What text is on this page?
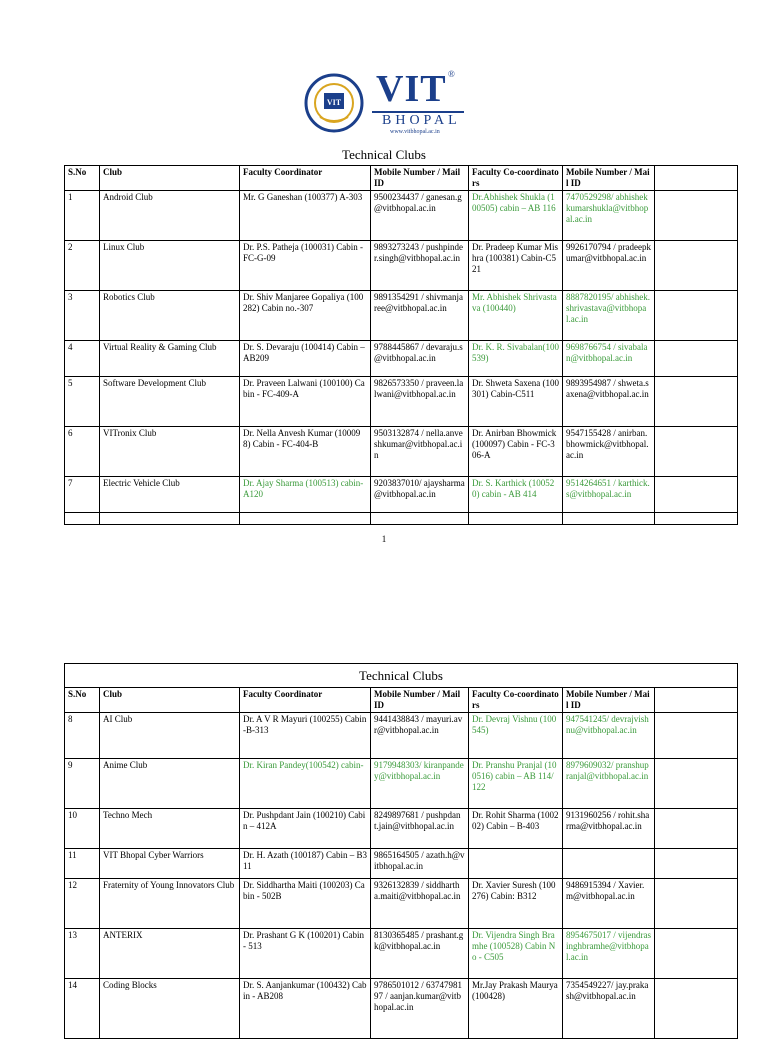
VIT VIT ®
BHOPAL
www.vitbhopal.ac.in
Technical Clubs
S.No	Club	Faculty Coordinator	Mobile Number / Mail ID	Faculty Co-coordinators	Mobile Number / Mail ID	
1	Android Club	Mr. G Ganeshan (100377) A-303	9500234437 / ganesan.g@vitbhopal.ac.in	Dr.Abhishek Shukla (100505) cabin – AB 116	7470529298/ abhishekkumarshukla@vitbhopal.ac.in	
2	Linux Club	Dr. P.S. Patheja (100031) Cabin - FC-G-09	9893273243 / pushpinder.singh@vitbhopal.ac.in	Dr. Pradeep Kumar Mishra (100381) Cabin-C521	9926170794 / pradeepkumar@vitbhopal.ac.in	
3	Robotics Club	Dr. Shiv Manjaree Gopaliya (100282) Cabin no.-307	9891354291 / shivmanjaree@vitbhopal.ac.in	Mr. Abhishek Shrivastava (100440)	8887820195/ abhishek.shrivastava@vitbhopal.ac.in	
4	Virtual Reality & Gaming Club	Dr. S. Devaraju (100414) Cabin – AB209	9788445867 / devaraju.s@vitbhopal.ac.in	Dr. K. R. Sivabalan(100539)	9698766754 / sivabalan@vitbhopal.ac.in	
5	Software Development Club	Dr. Praveen Lalwani (100100) Cabin - FC-409-A	9826573350 / praveen.lalwani@vitbhopal.ac.in	Dr. Shweta Saxena (100301) Cabin-C511	9893954987 / shweta.saxena@vitbhopal.ac.in	
6	VITronix Club	Dr. Nella Anvesh Kumar (100098) Cabin - FC-404-B	9503132874 / nella.anveshkumar@vitbhopal.ac.in	Dr. Anirban Bhowmick (100097) Cabin - FC-306-A	9547155428 / anirban.bhowmick@vitbhopal.ac.in	
7	Electric Vehicle Club	Dr. Ajay Sharma (100513) cabin- A120	9203837010/ ajaysharma@vitbhopal.ac.in	Dr. S. Karthick (100520) cabin - AB 414	9514264651 / karthick.s@vitbhopal.ac.in	

1
Technical Clubs						
S.No	Club	Faculty Coordinator	Mobile Number / Mail ID	Faculty Co-coordinators	Mobile Number / Mail ID	
8	AI Club	Dr. A V R Mayuri (100255) Cabin-B-313	9441438843 / mayuri.avr@vitbhopal.ac.in	Dr. Devraj Vishnu (100545)	947541245/ devrajvishnu@vitbhopal.ac.in	
9	Anime Club	Dr. Kiran Pandey(100542) cabin-	9179948303/ kiranpandey@vitbhopal.ac.in	Dr. Pranshu Pranjal (100516) cabin – AB 114/ 122	8979609032/ pranshupranjal@vitbhopal.ac.in	
10	Techno Mech	Dr. Pushpdant Jain (100210) Cabin – 412A	8249897681 / pushpdant.jain@vitbhopal.ac.in	Dr. Rohit Sharma (100202) Cabin – B-403	9131960256 / rohit.sharma@vitbhopal.ac.in	
11	VIT Bhopal Cyber Warriors	Dr. H. Azath (100187) Cabin – B311	9865164505 / azath.h@vitbhopal.ac.in			
12	Fraternity of Young Innovators Club	Dr. Siddhartha Maiti (100203) Cabin - 502B	9326132839 / siddhartha.maiti@vitbhopal.ac.in	Dr. Xavier Suresh (100276) Cabin: B312	9486915394 / Xavier.m@vitbhopal.ac.in	
13	ANTERIX	Dr. Prashant G K (100201) Cabin - 513	8130365485 / prashant.gk@vitbhopal.ac.in	Dr. Vijendra Singh Bramhe (100528) Cabin No - C505	8954675017 / vijendrasinghbramhe@vitbhopal.ac.in	
14	Coding Blocks	Dr. S. Aanjankumar (100432) Cabin - AB208	9786501012 / 6374798197 / aanjan.kumar@vitbhopal.ac.in	Mr.Jay Prakash Maurya (100428)	7354549227/ jay.prakash@vitbhopal.ac.in	
